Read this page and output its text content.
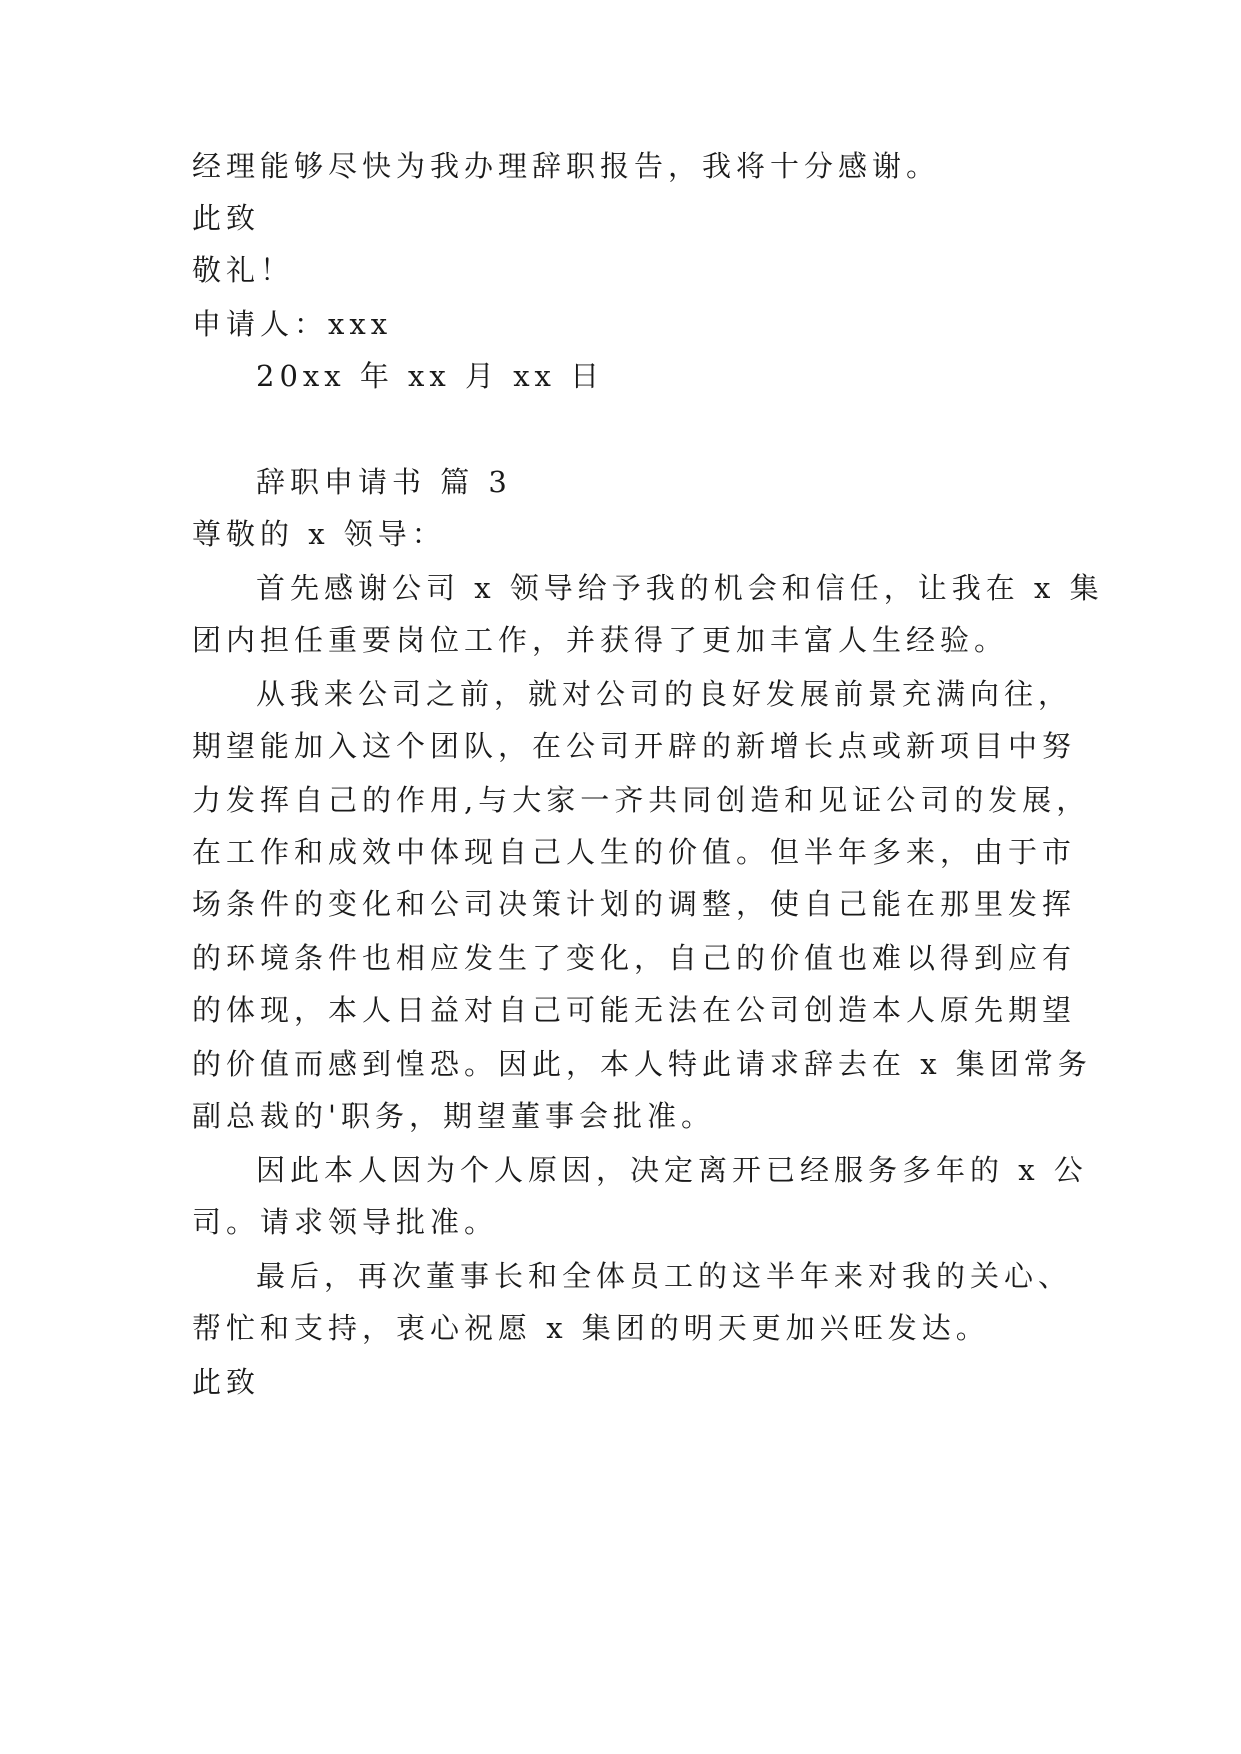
经理能够尽快为我办理辞职报告，我将十分感谢。

此致

敬礼！

申请人：xxx

20xx 年 xx 月 xx 日

辞职申请书 篇 3

尊敬的 x 领导：

首先感谢公司 x 领导给予我的机会和信任，让我在 x 集

团内担任重要岗位工作，并获得了更加丰富人生经验。

从我来公司之前，就对公司的良好发展前景充满向往，

期望能加入这个团队，在公司开辟的新增长点或新项目中努

力发挥自己的作用,与大家一齐共同创造和见证公司的发展，

在工作和成效中体现自己人生的价值。但半年多来，由于市

场条件的变化和公司决策计划的调整，使自己能在那里发挥

的环境条件也相应发生了变化，自己的价值也难以得到应有

的体现，本人日益对自己可能无法在公司创造本人原先期望

的价值而感到惶恐。因此，本人特此请求辞去在 x 集团常务

副总裁的'职务，期望董事会批准。

因此本人因为个人原因，决定离开已经服务多年的 x 公

司。请求领导批准。

最后，再次董事长和全体员工的这半年来对我的关心、

帮忙和支持，衷心祝愿 x 集团的明天更加兴旺发达。

此致
